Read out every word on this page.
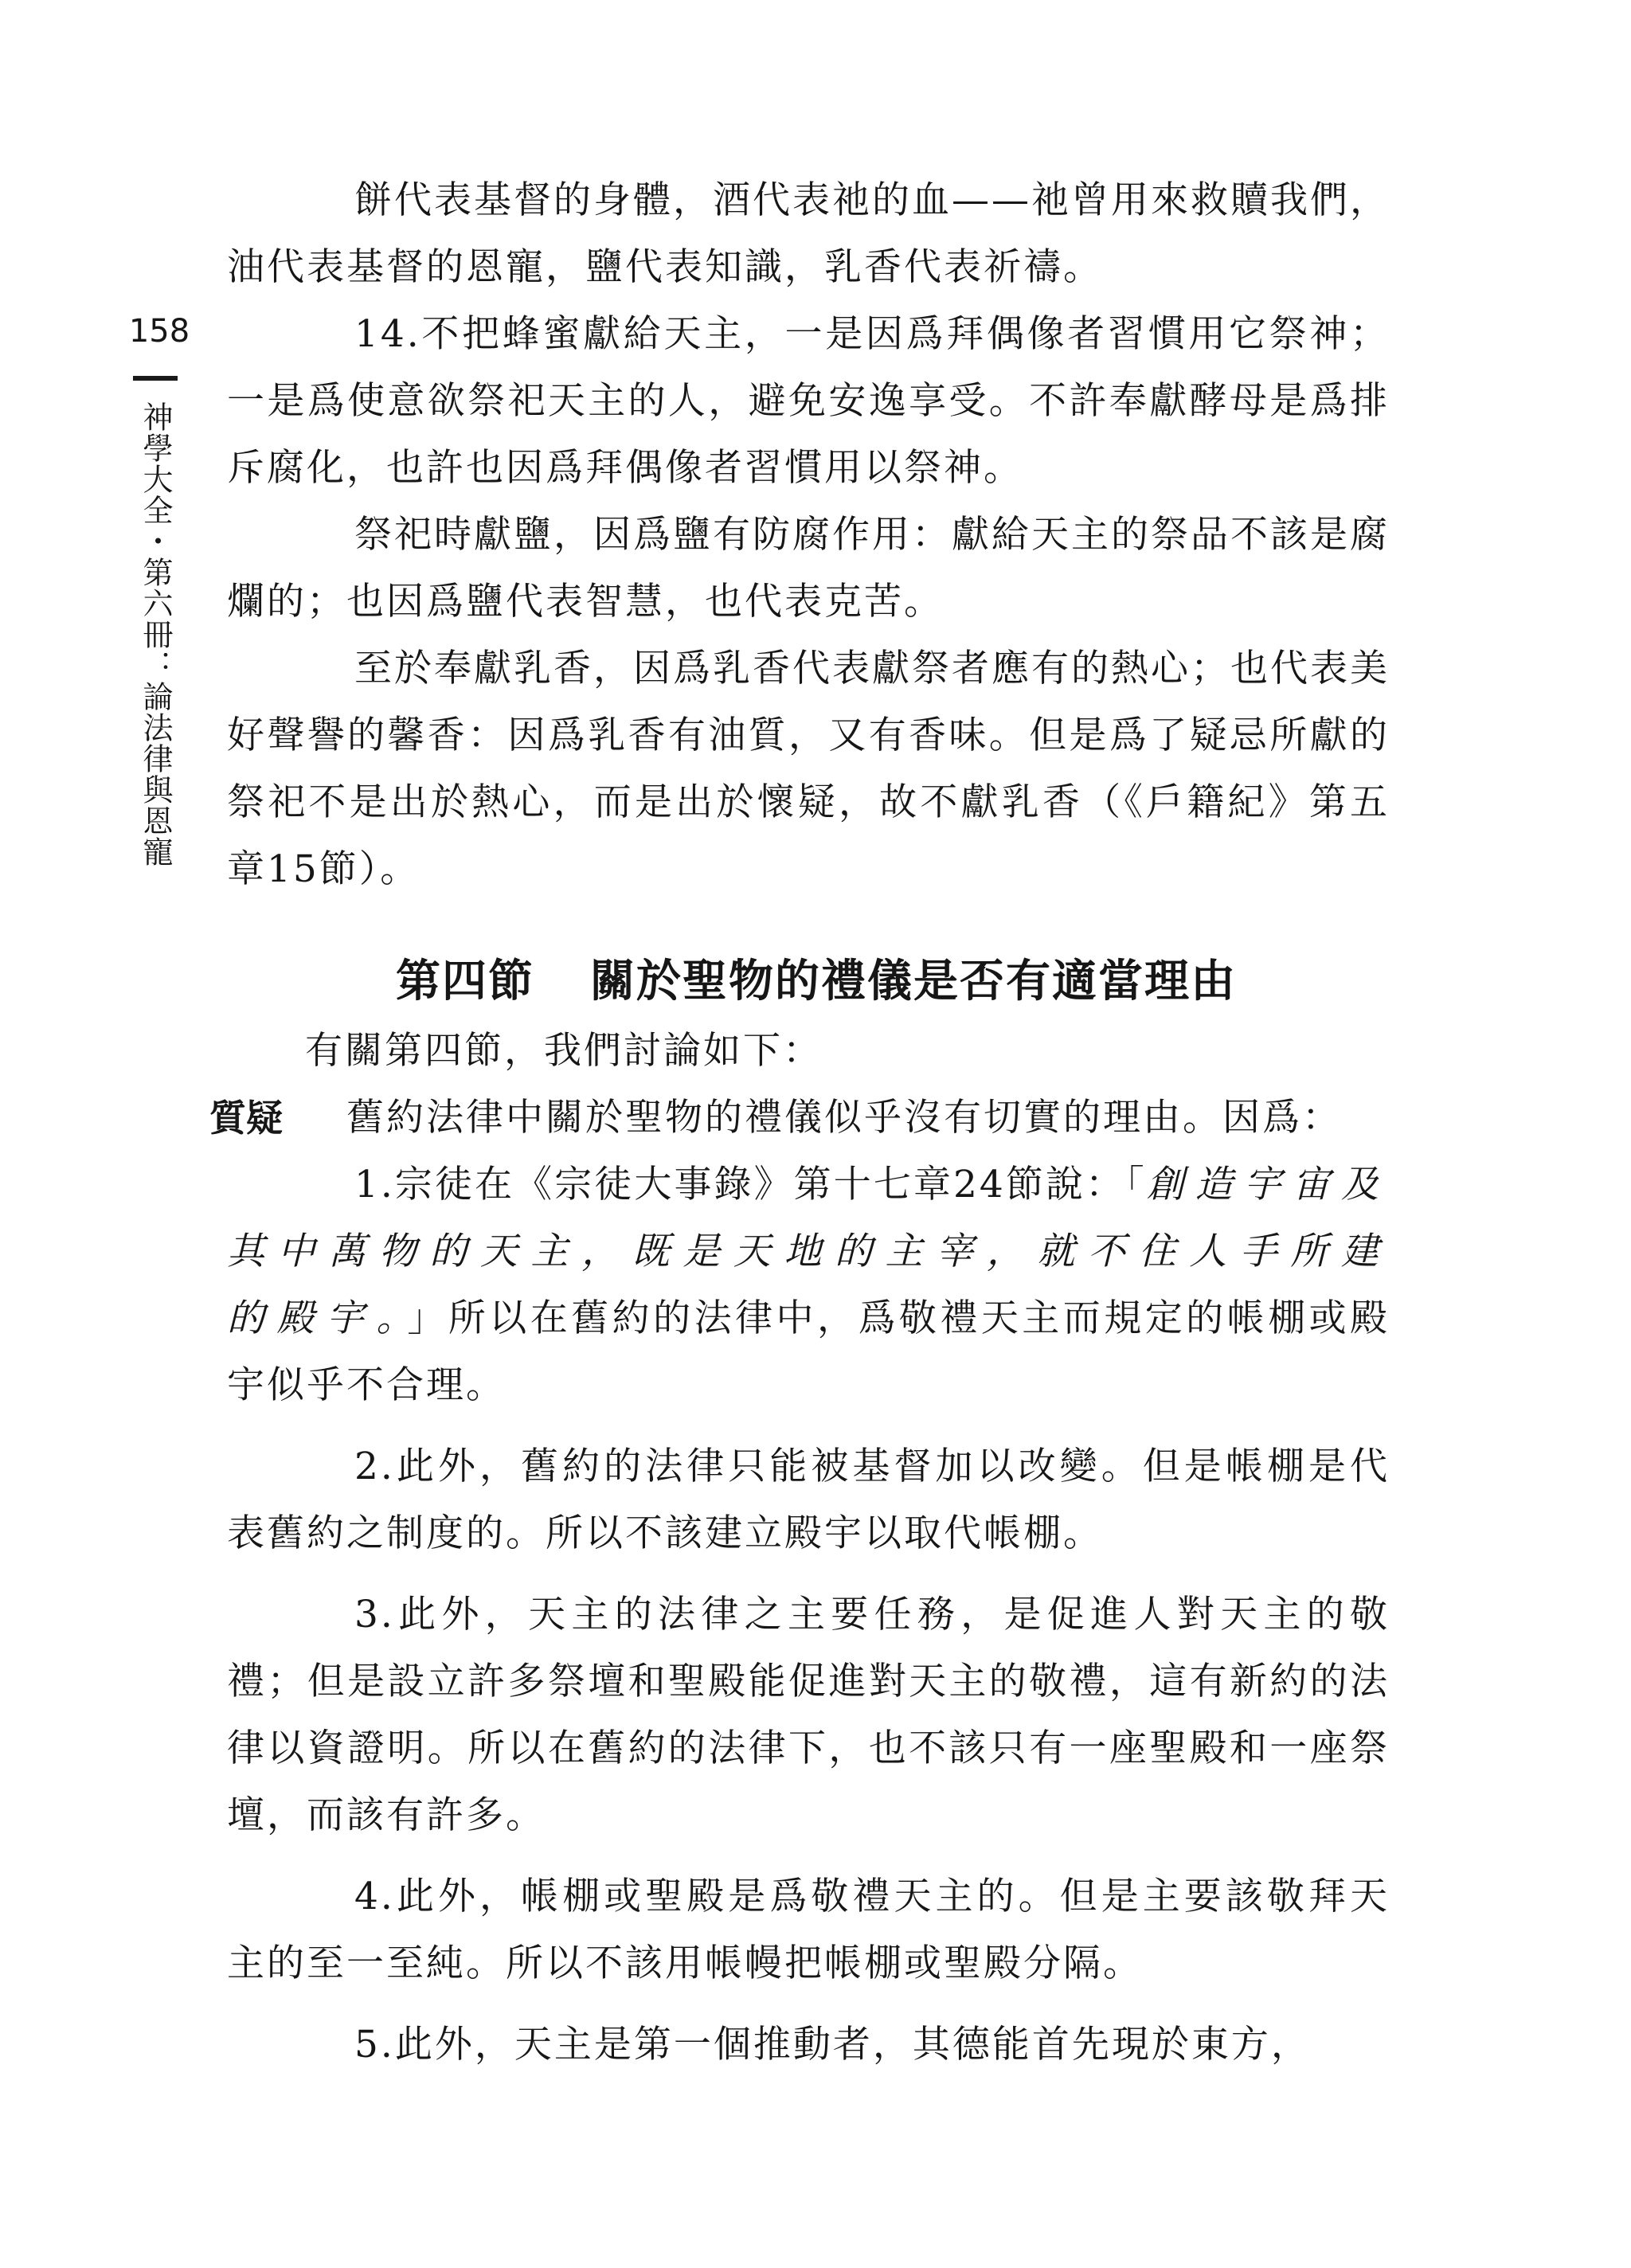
158
神學大全・第六冊：論法律與恩寵

餅代表基督的身體，酒代表祂的血——祂曾用來救贖我們，油代表基督的恩寵，鹽代表知識，乳香代表祈禱。

14.不把蜂蜜獻給天主，一是因爲拜偶像者習慣用它祭神；一是爲使意欲祭祀天主的人，避免安逸享受。不許奉獻酵母是爲排斥腐化，也許也因爲拜偶像者習慣用以祭神。

祭祀時獻鹽，因爲鹽有防腐作用：獻給天主的祭品不該是腐爛的；也因爲鹽代表智慧，也代表克苦。

至於奉獻乳香，因爲乳香代表獻祭者應有的熱心；也代表美好聲譽的馨香：因爲乳香有油質，又有香味。但是爲了疑忌所獻的祭祀不是出於熱心，而是出於懷疑，故不獻乳香（《戶籍紀》第五章15節）。

第四節 關於聖物的禮儀是否有適當理由

有關第四節，我們討論如下：

質疑 舊約法律中關於聖物的禮儀似乎沒有切實的理由。因爲：

1.宗徒在《宗徒大事錄》第十七章24節說：「創造宇宙及其中萬物的天主，既是天地的主宰，就不住人手所建的殿宇。」所以在舊約的法律中，爲敬禮天主而規定的帳棚或殿宇似乎不合理。

2.此外，舊約的法律只能被基督加以改變。但是帳棚是代表舊約之制度的。所以不該建立殿宇以取代帳棚。

3.此外，天主的法律之主要任務，是促進人對天主的敬禮；但是設立許多祭壇和聖殿能促進對天主的敬禮，這有新約的法律以資證明。所以在舊約的法律下，也不該只有一座聖殿和一座祭壇，而該有許多。

4.此外，帳棚或聖殿是爲敬禮天主的。但是主要該敬拜天主的至一至純。所以不該用帳幔把帳棚或聖殿分隔。

5.此外，天主是第一個推動者，其德能首先現於東方，
